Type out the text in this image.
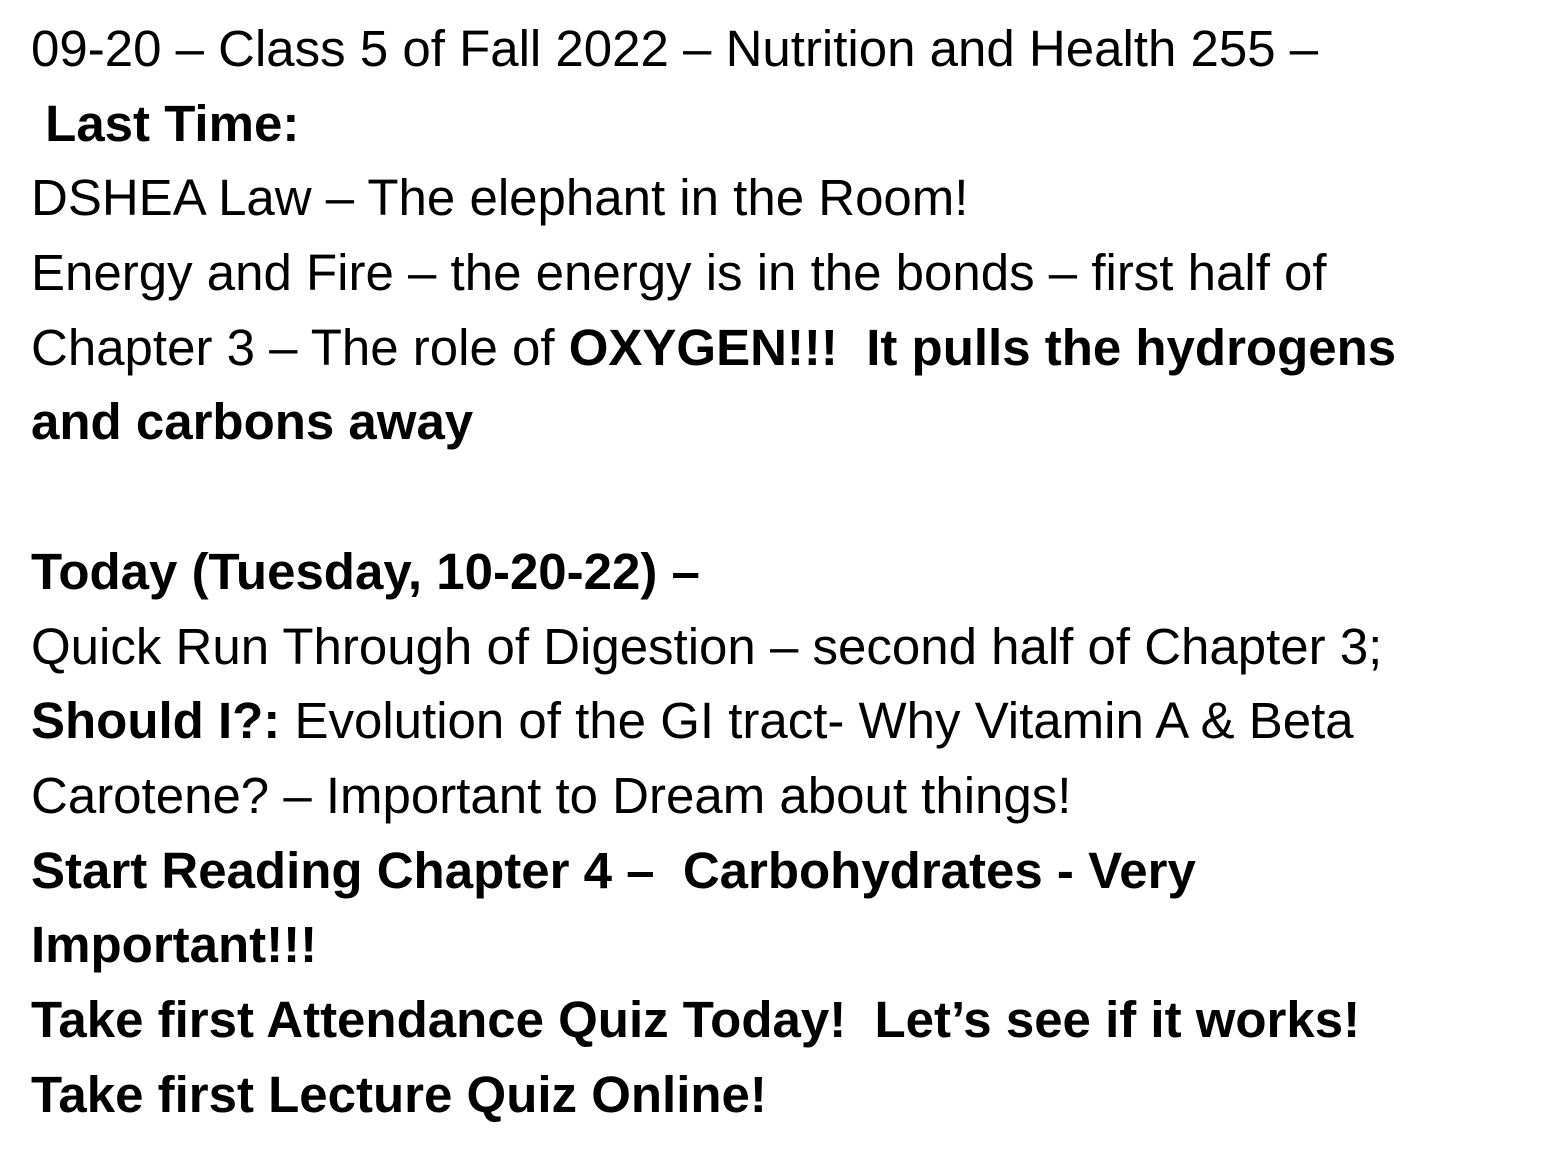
09-20 – Class 5 of Fall 2022 – Nutrition and Health 255 –
Last Time:
DSHEA Law – The elephant in the Room!
Energy and Fire – the energy is in the bonds – first half of
Chapter 3 – The role of OXYGEN!!!  It pulls the hydrogens
and carbons away
Today (Tuesday, 10-20-22) –
Quick Run Through of Digestion – second half of Chapter 3;
Should I?: Evolution of the GI tract- Why Vitamin A & Beta
Carotene? – Important to Dream about things!
Start Reading Chapter 4 –  Carbohydrates - Very
Important!!!
Take first Attendance Quiz Today!  Let’s see if it works!
Take first Lecture Quiz Online!
